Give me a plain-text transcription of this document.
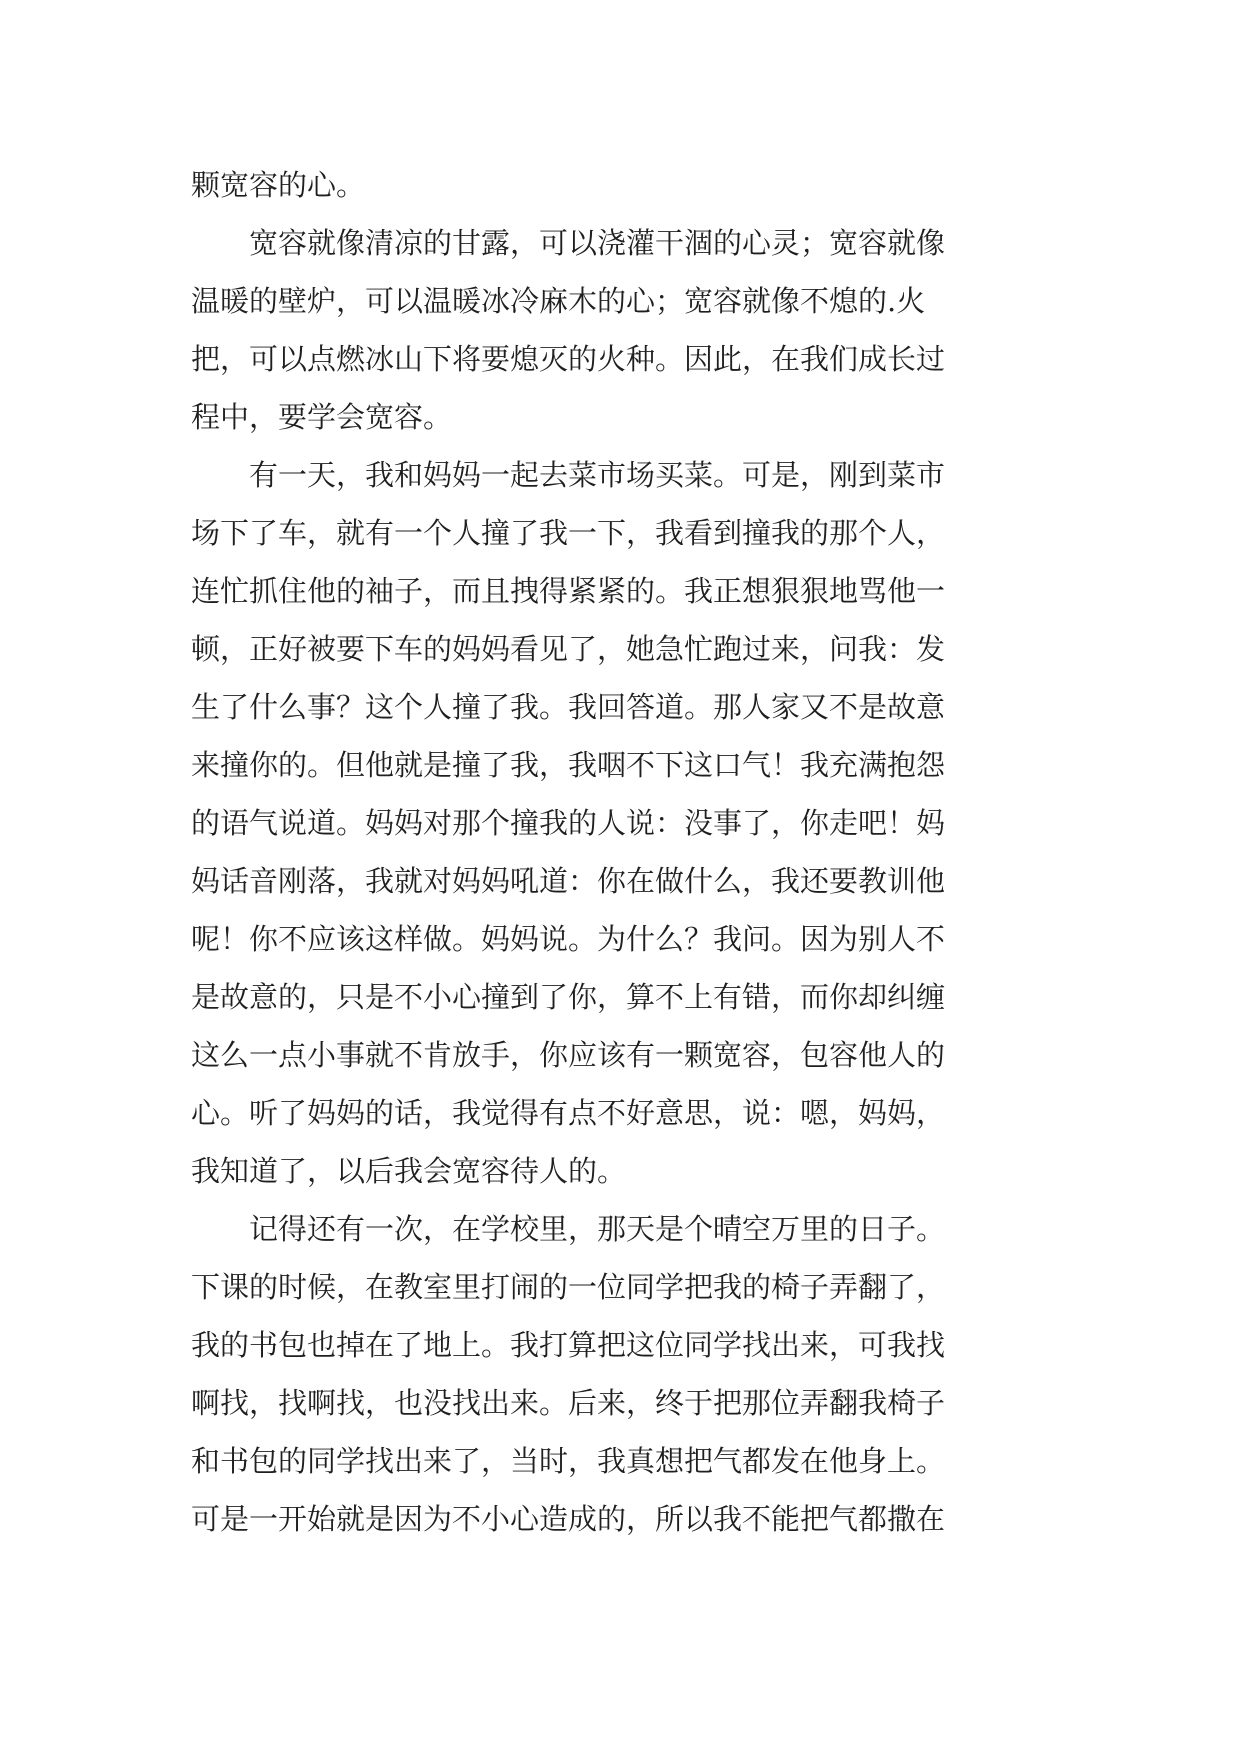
颗宽容的心。
　　宽容就像清凉的甘露，可以浇灌干涸的心灵；宽容就像
温暖的壁炉，可以温暖冰冷麻木的心；宽容就像不熄的.火
把，可以点燃冰山下将要熄灭的火种。因此，在我们成长过
程中，要学会宽容。
　　有一天，我和妈妈一起去菜市场买菜。可是，刚到菜市
场下了车，就有一个人撞了我一下，我看到撞我的那个人，
连忙抓住他的袖子，而且拽得紧紧的。我正想狠狠地骂他一
顿，正好被要下车的妈妈看见了，她急忙跑过来，问我：发
生了什么事？这个人撞了我。我回答道。那人家又不是故意
来撞你的。但他就是撞了我，我咽不下这口气！我充满抱怨
的语气说道。妈妈对那个撞我的人说：没事了，你走吧！妈
妈话音刚落，我就对妈妈吼道：你在做什么，我还要教训他
呢！你不应该这样做。妈妈说。为什么？我问。因为别人不
是故意的，只是不小心撞到了你，算不上有错，而你却纠缠
这么一点小事就不肯放手，你应该有一颗宽容，包容他人的
心。听了妈妈的话，我觉得有点不好意思，说：嗯，妈妈，
我知道了，以后我会宽容待人的。
　　记得还有一次，在学校里，那天是个晴空万里的日子。
下课的时候，在教室里打闹的一位同学把我的椅子弄翻了，
我的书包也掉在了地上。我打算把这位同学找出来，可我找
啊找，找啊找，也没找出来。后来，终于把那位弄翻我椅子
和书包的同学找出来了，当时，我真想把气都发在他身上。
可是一开始就是因为不小心造成的，所以我不能把气都撒在
